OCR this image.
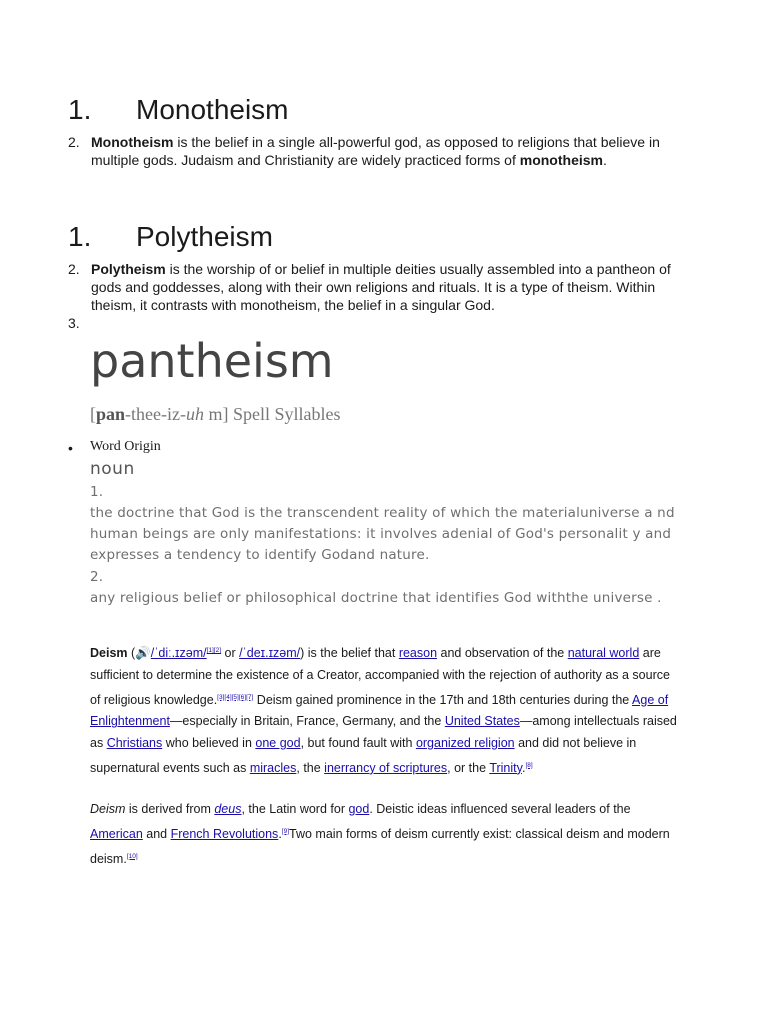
1. Monotheism
2. Monotheism is the belief in a single all-powerful god, as opposed to religions that believe in multiple gods. Judaism and Christianity are widely practiced forms of monotheism.
1. Polytheism
2. Polytheism is the worship of or belief in multiple deities usually assembled into a pantheon of gods and goddesses, along with their own religions and rituals. It is a type of theism. Within theism, it contrasts with monotheism, the belief in a singular God.
3.
pantheism
[pan-thee-iz-uh m] Spell Syllables
• Word Origin
noun
1.
the doctrine that God is the transcendent reality of which the materialuniverse a nd human beings are only manifestations: it involves adenial of God's personalit y and expresses a tendency to identify Godand nature.
2.
any religious belief or philosophical doctrine that identifies God withthe universe .
Deism (🔊/ˈdiː.ɪzəm/[1][2] or /ˈdeɪ.ɪzəm/) is the belief that reason and observation of the natural world are sufficient to determine the existence of a Creator, accompanied with the rejection of authority as a source of religious knowledge.[3][4][5][6][7] Deism gained prominence in the 17th and 18th centuries during the Age of Enlightenment—especially in Britain, France, Germany, and the United States—among intellectuals raised as Christians who believed in one god, but found fault with organized religion and did not believe in supernatural events such as miracles, the inerrancy of scriptures, or the Trinity.[8]
Deism is derived from deus, the Latin word for god. Deistic ideas influenced several leaders of the American and French Revolutions.[9]Two main forms of deism currently exist: classical deism and modern deism.[10]
